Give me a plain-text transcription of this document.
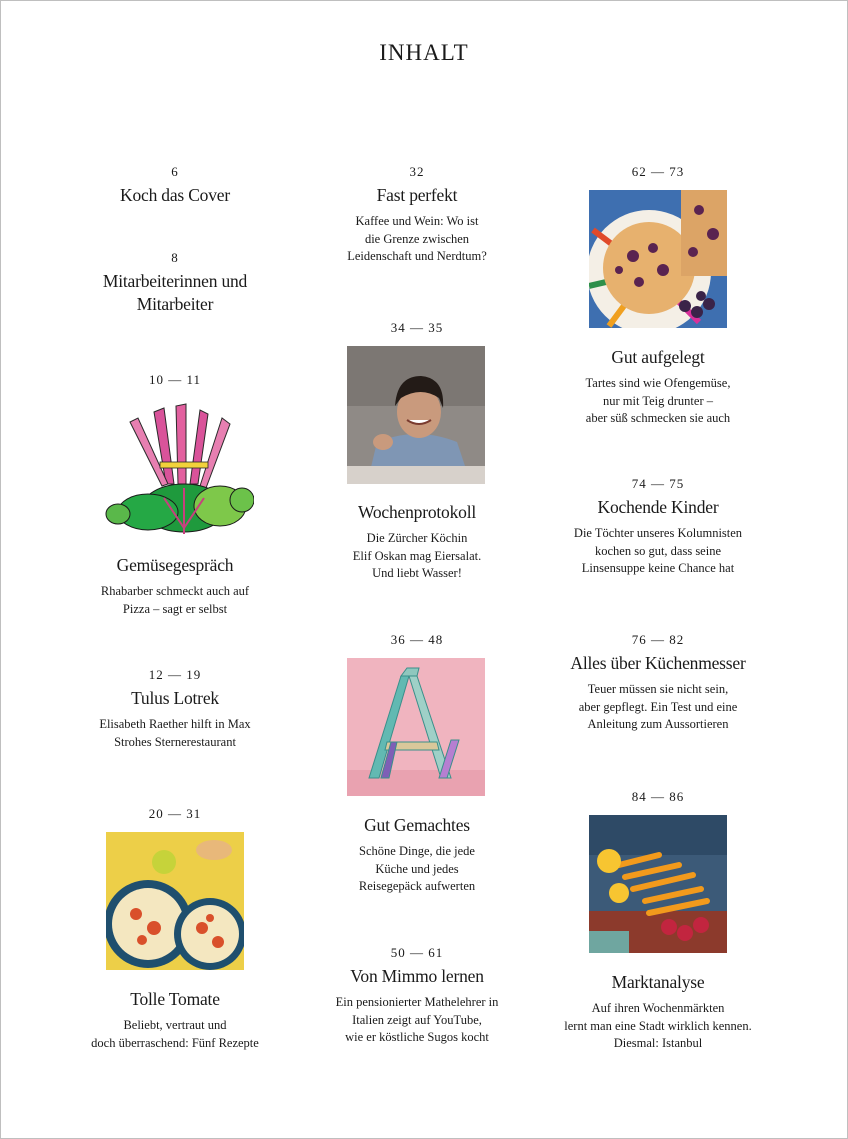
INHALT
6
Koch das Cover
8
Mitarbeiterinnen und
Mitarbeiter
10 — 11
Gemüsegespräch
Rhabarber schmeckt auch auf
Pizza – sagt er selbst
12 — 19
Tulus Lotrek
Elisabeth Raether hilft in Max
Strohes Sternerestaurant
20 — 31
Tolle Tomate
Beliebt, vertraut und
doch überraschend: Fünf Rezepte
32
Fast perfekt
Kaffee und Wein: Wo ist
die Grenze zwischen
Leidenschaft und Nerdtum?
34 — 35
Wochenprotokoll
Die Zürcher Köchin
Elif Oskan mag Eiersalat.
Und liebt Wasser!
36 — 48
Gut Gemachtes
Schöne Dinge, die jede
Küche und jedes
Reisegepäck aufwerten
50 — 61
Von Mimmo lernen
Ein pensionierter Mathelehrer in
Italien zeigt auf YouTube,
wie er köstliche Sugos kocht
62 — 73
Gut aufgelegt
Tartes sind wie Ofengemüse,
nur mit Teig drunter –
aber süß schmecken sie auch
74 — 75
Kochende Kinder
Die Töchter unseres Kolumnisten
kochen so gut, dass seine
Linsensuppe keine Chance hat
76 — 82
Alles über Küchenmesser
Teuer müssen sie nicht sein,
aber gepflegt. Ein Test und eine
Anleitung zum Aussortieren
84 — 86
Marktanalyse
Auf ihren Wochenmärkten
lernt man eine Stadt wirklich kennen.
Diesmal: Istanbul
